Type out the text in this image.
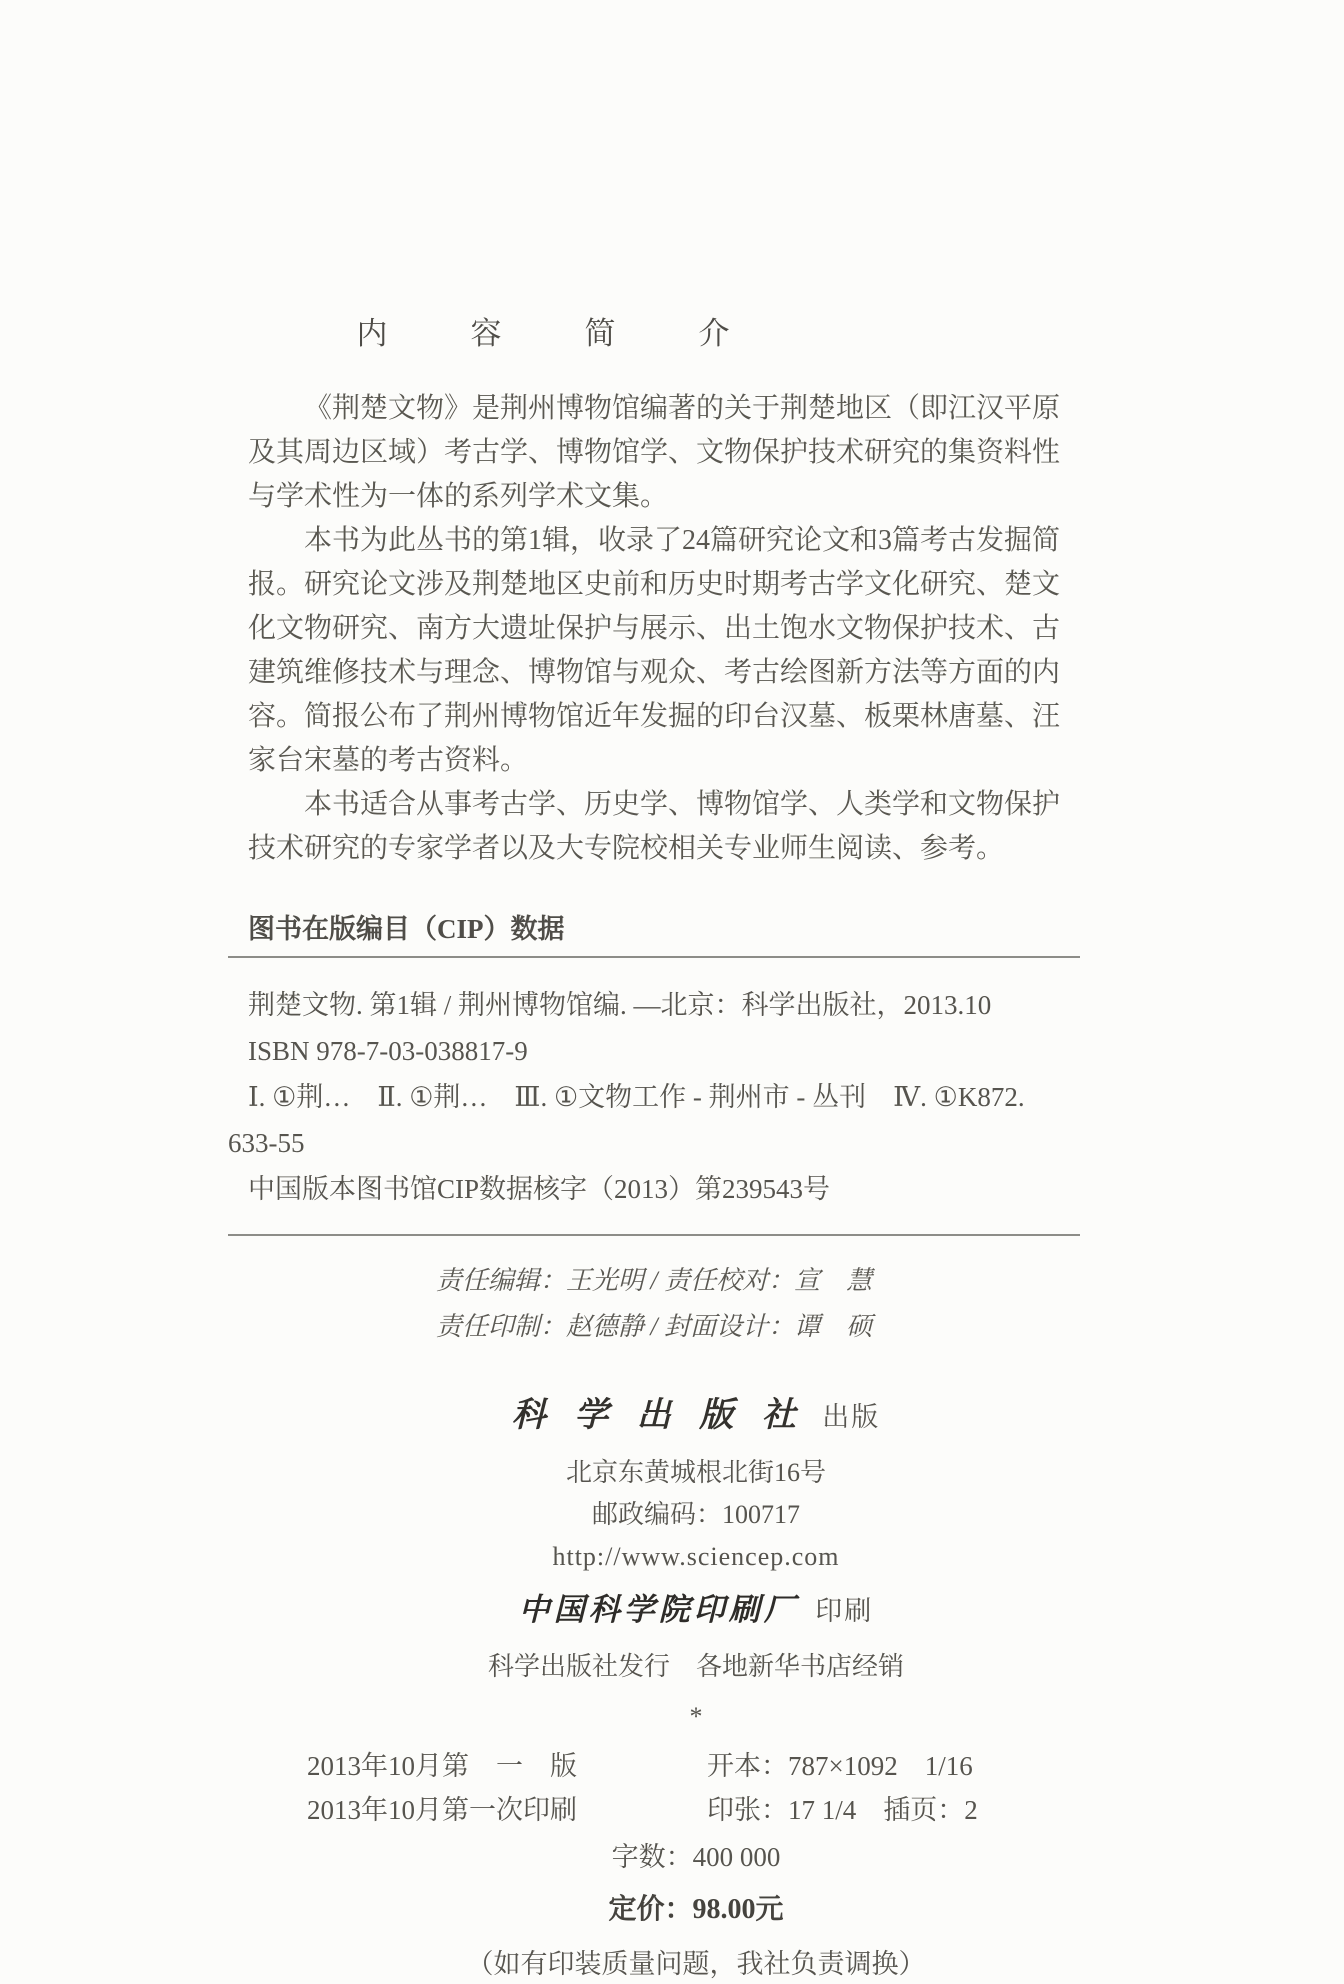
内　容　简　介

《荆楚文物》是荆州博物馆编著的关于荆楚地区（即江汉平原及其周边区域）考古学、博物馆学、文物保护技术研究的集资料性与学术性为一体的系列学术文集。

本书为此丛书的第1辑，收录了24篇研究论文和3篇考古发掘简报。研究论文涉及荆楚地区史前和历史时期考古学文化研究、楚文化文物研究、南方大遗址保护与展示、出土饱水文物保护技术、古建筑维修技术与理念、博物馆与观众、考古绘图新方法等方面的内容。简报公布了荆州博物馆近年发掘的印台汉墓、板栗林唐墓、汪家台宋墓的考古资料。

本书适合从事考古学、历史学、博物馆学、人类学和文物保护技术研究的专家学者以及大专院校相关专业师生阅读、参考。

图书在版编目（CIP）数据

荆楚文物. 第1辑 / 荆州博物馆编. —北京：科学出版社，2013.10
ISBN 978-7-03-038817-9
Ⅰ. ①荆…　Ⅱ. ①荆…　Ⅲ. ①文物工作 - 荆州市 - 丛刊　Ⅳ. ①K872.
633-55
中国版本图书馆CIP数据核字（2013）第239543号
责任编辑：王光明 / 责任校对：宣　慧
责任印制：赵德静 / 封面设计：谭　硕
科 学 出 版 社 出版
北京东黄城根北街16号
邮政编码：100717
http://www.sciencep.com
中国科学院印刷厂 印刷
科学出版社发行　各地新华书店经销
*
2013年10月第　一　版	开本：787×1092　1/16
2013年10月第一次印刷	印张：17 1/4　插页：2
字数：400 000
定价：98.00元
（如有印装质量问题，我社负责调换）
